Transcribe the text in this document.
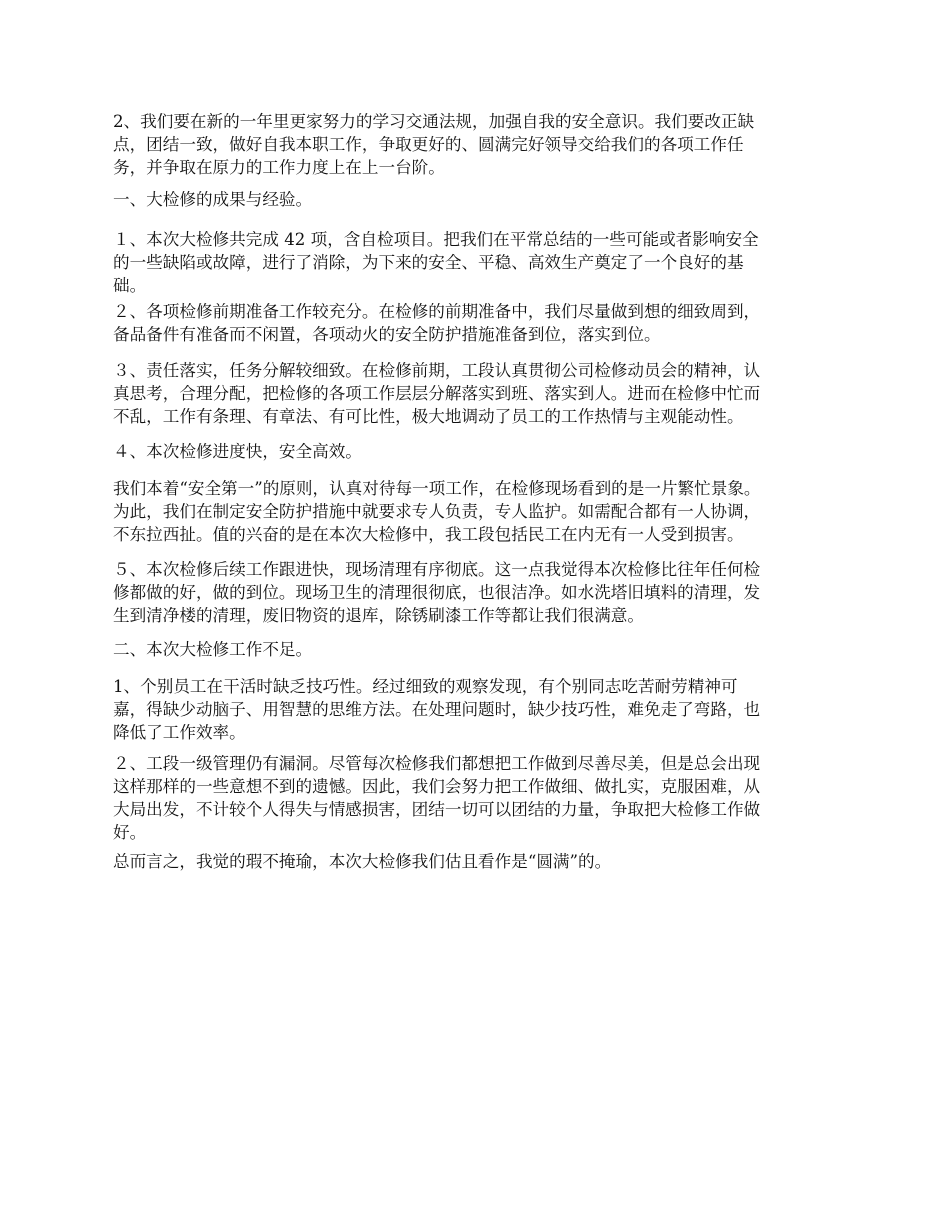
2、我们要在新的一年里更家努力的学习交通法规，加强自我的安全意识。我们要改正缺
点，团结一致，做好自我本职工作，争取更好的、圆满完好领导交给我们的各项工作任
务，并争取在原力的工作力度上在上一台阶。
一、大检修的成果与经验。
１、本次大检修共完成 42 项，含自检项目。把我们在平常总结的一些可能或者影响安全
的一些缺陷或故障，进行了消除，为下来的安全、平稳、高效生产奠定了一个良好的基
础。
２、各项检修前期准备工作较充分。在检修的前期准备中，我们尽量做到想的细致周到，
备品备件有准备而不闲置，各项动火的安全防护措施准备到位，落实到位。
３、责任落实，任务分解较细致。在检修前期，工段认真贯彻公司检修动员会的精神，认
真思考，合理分配，把检修的各项工作层层分解落实到班、落实到人。进而在检修中忙而
不乱，工作有条理、有章法、有可比性，极大地调动了员工的工作热情与主观能动性。
４、本次检修进度快，安全高效。
我们本着“安全第一”的原则，认真对待每一项工作，在检修现场看到的是一片繁忙景象。
为此，我们在制定安全防护措施中就要求专人负责，专人监护。如需配合都有一人协调，
不东拉西扯。值的兴奋的是在本次大检修中，我工段包括民工在内无有一人受到损害。
５、本次检修后续工作跟进快，现场清理有序彻底。这一点我觉得本次检修比往年任何检
修都做的好，做的到位。现场卫生的清理很彻底，也很洁净。如水洗塔旧填料的清理，发
生到清净楼的清理，废旧物资的退库，除锈刷漆工作等都让我们很满意。
二、本次大检修工作不足。
1、个别员工在干活时缺乏技巧性。经过细致的观察发现，有个别同志吃苦耐劳精神可
嘉，得缺少动脑子、用智慧的思维方法。在处理问题时，缺少技巧性，难免走了弯路，也
降低了工作效率。
２、工段一级管理仍有漏洞。尽管每次检修我们都想把工作做到尽善尽美，但是总会出现
这样那样的一些意想不到的遗憾。因此，我们会努力把工作做细、做扎实，克服困难，从
大局出发，不计较个人得失与情感损害，团结一切可以团结的力量，争取把大检修工作做
好。
总而言之，我觉的瑕不掩瑜，本次大检修我们估且看作是“圆满”的。
